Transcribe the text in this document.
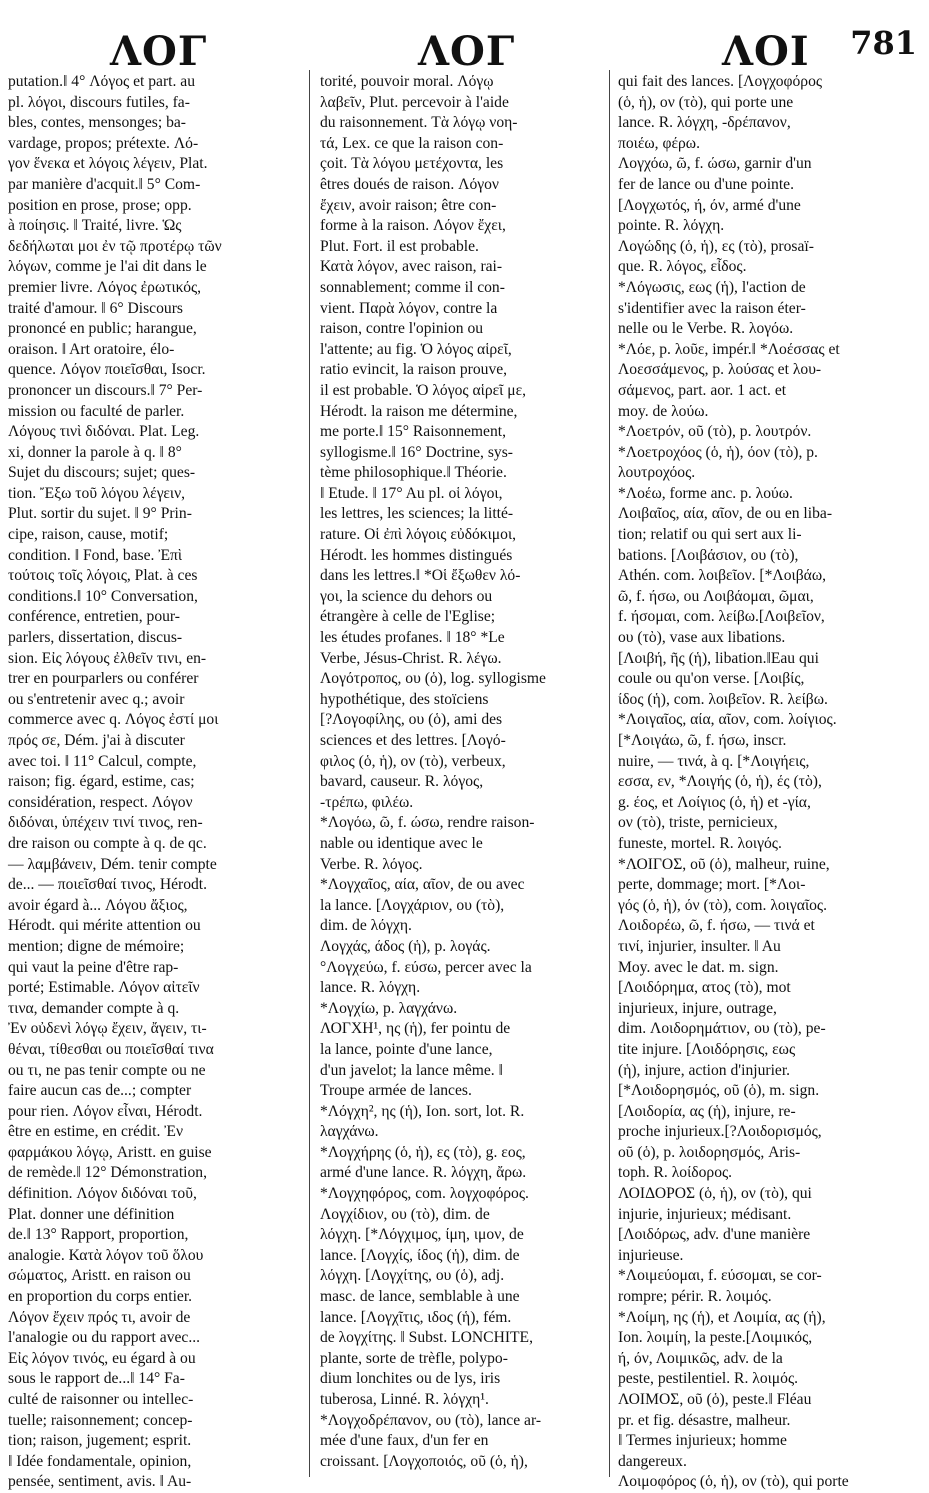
ΛΟΓ	ΛΟΓ	ΛΟΙ 781
putation.‖ 4° Λόγος et part. au
pl. λόγοι, discours futiles, fa-
bles, contes, mensonges; ba-
vardage, propos; prétexte. Λό-
γον ἕνεκα et λόγοις λέγειν, Plat.
par manière d'acquit.‖ 5° Com-
position en prose, prose; opp.
à ποίησις. ‖ Traité, livre. Ὡς
δεδήλωται μοι ἐν τῷ προτέρῳ τῶν
λόγων, comme je l'ai dit dans le
premier livre. Λόγος ἐρωτικός,
traité d'amour. ‖ 6° Discours
prononcé en public; harangue,
oraison. ‖ Art oratoire, élo-
quence. Λόγον ποιεῖσθαι, Isocr.
prononcer un discours.‖ 7° Per-
mission ou faculté de parler.
Λόγους τινὶ διδόναι. Plat. Leg.
xi, donner la parole à q. ‖ 8°
Sujet du discours; sujet; ques-
tion. Ἔξω τοῦ λόγου λέγειν,
Plut. sortir du sujet. ‖ 9° Prin-
cipe, raison, cause, motif;
condition. ‖ Fond, base. Ἐπὶ
τούτοις τοῖς λόγοις, Plat. à ces
conditions.‖ 10° Conversation,
conférence, entretien, pour-
parlers, dissertation, discus-
sion. Εἰς λόγους ἐλθεῖν τινι, en-
trer en pourparlers ou conférer
ou s'entretenir avec q.; avoir
commerce avec q. Λόγος ἐστί μοι
πρός σε, Dém. j'ai à discuter
avec toi. ‖ 11° Calcul, compte,
raison; fig. égard, estime, cas;
considération, respect. Λόγον
διδόναι, ὑπέχειν τινί τινος, ren-
dre raison ou compte à q. de qc.
— λαμβάνειν, Dém. tenir compte
de... — ποιεῖσθαί τινος, Hérodt.
avoir égard à... Λόγου ἄξιος,
Hérodt. qui mérite attention ou
mention; digne de mémoire;
qui vaut la peine d'être rap-
porté; Estimable. Λόγον αἰτεῖν
τινα, demander compte à q.
Ἐν οὐδενὶ λόγῳ ἔχειν, ἄγειν, τι-
θέναι, τίθεσθαι ou ποιεῖσθαί τινα
ou τι, ne pas tenir compte ou ne
faire aucun cas de...; compter
pour rien. Λόγον εἶναι, Hérodt.
être en estime, en crédit. Ἐν
φαρμάκου λόγῳ, Aristt. en guise
de remède.‖ 12° Démonstration,
définition. Λόγον διδόναι τοῦ,
Plat. donner une définition
de.‖ 13° Rapport, proportion,
analogie. Κατὰ λόγον τοῦ ὅλου
σώματος, Aristt. en raison ou
en proportion du corps entier.
Λόγον ἔχειν πρός τι, avoir de
l'analogie ou du rapport avec...
Εἰς λόγον τινός, eu égard à ou
sous le rapport de...‖ 14° Fa-
culté de raisonner ou intellec-
tuelle; raisonnement; concep-
tion; raison, jugement; esprit.
‖ Idée fondamentale, opinion,
pensée, sentiment, avis. ‖ Au-
torité, pouvoir moral. Λόγῳ
λαβεῖν, Plut. percevoir à l'aide
du raisonnement. Τὰ λόγῳ νοη-
τά, Lex. ce que la raison con-
çoit. Τὰ λόγου μετέχοντα, les
êtres doués de raison. Λόγον
ἔχειν, avoir raison; être con-
forme à la raison. Λόγον ἔχει,
Plut. Fort. il est probable.
Κατὰ λόγον, avec raison, rai-
sonnablement; comme il con-
vient. Παρὰ λόγον, contre la
raison, contre l'opinion ou
l'attente; au fig. Ὁ λόγος αἱρεῖ,
ratio evincit, la raison prouve,
il est probable. Ὁ λόγος αἱρεῖ με,
Hérodt. la raison me détermine,
me porte.‖ 15° Raisonnement,
syllogisme.‖ 16° Doctrine, sys-
tème philosophique.‖ Théorie.
‖ Etude. ‖ 17° Au pl. οἱ λόγοι,
les lettres, les sciences; la litté-
rature. Οἱ ἐπὶ λόγοις εὐδόκιμοι,
Hérodt. les hommes distingués
dans les lettres.‖ *Οἱ ἔξωθεν λό-
γοι, la science du dehors ou
étrangère à celle de l'Eglise;
les études profanes. ‖ 18° *Le
Verbe, Jésus-Christ. R. λέγω.
Λογότροπος, ου (ὁ), log. syllogisme
hypothétique, des stoïciens
[?Λογοφίλης, ου (ὁ), ami des
sciences et des lettres. [Λογό-
φιλος (ὁ, ἡ), ον (τὸ), verbeux,
bavard, causeur. R. λόγος,
-τρέπω, φιλέω.
*Λογόω, ῶ, f. ώσω, rendre raison-
nable ou identique avec le
Verbe. R. λόγος.
*Λογχαῖος, αία, αῖον, de ou avec
la lance. [Λογχάριον, ου (τὸ),
dim. de λόγχη.
Λογχάς, άδος (ἡ), p. λογάς.
°Λογχεύω, f. εύσω, percer avec la
lance. R. λόγχη.
*Λογχίω, p. λαγχάνω.
ΛΟΓΧΗ¹, ης (ἡ), fer pointu de
la lance, pointe d'une lance,
d'un javelot; la lance même. ‖
Troupe armée de lances.
*Λόγχη², ης (ἡ), Ion. sort, lot. R.
λαγχάνω.
*Λογχήρης (ὁ, ἡ), ες (τὸ), g. εος,
armé d'une lance. R. λόγχη, ἄρω.
*Λογχηφόρος, com. λογχοφόρος.
Λογχίδιον, ου (τὸ), dim. de
λόγχη. [*Λόγχιμος, ίμη, ιμον, de
lance. [Λογχίς, ίδος (ἡ), dim. de
λόγχη. [Λογχίτης, ου (ὁ), adj.
masc. de lance, semblable à une
lance. [Λογχῖτις, ιδος (ἡ), fém.
de λογχίτης. ‖ Subst. LONCHITE,
plante, sorte de trèfle, polypo-
dium lonchites ou de lys, iris
tuberosa, Linné. R. λόγχη¹.
*Λογχοδρέπανον, ου (τὸ), lance ar-
mée d'une faux, d'un fer en
croissant. [Λογχοποιός, οῦ (ὁ, ἡ),
qui fait des lances. [Λογχοφόρος
(ὁ, ἡ), ον (τὸ), qui porte une
lance. R. λόγχη, -δρέπανον,
ποιέω, φέρω.
Λογχόω, ῶ, f. ώσω, garnir d'un
fer de lance ou d'une pointe.
[Λογχωτός, ή, όν, armé d'une
pointe. R. λόγχη.
Λογώδης (ὁ, ἡ), ες (τὸ), prosaï-
que. R. λόγος, εἶδος.
*Λόγωσις, εως (ἡ), l'action de
s'identifier avec la raison éter-
nelle ou le Verbe. R. λογόω.
*Λόε, p. λοῦε, impér.‖ *Λοέσσας et
Λοεσσάμενος, p. λούσας et λου-
σάμενος, part. aor. 1 act. et
moy. de λούω.
*Λοετρόν, οῦ (τὸ), p. λουτρόν.
*Λοετροχόος (ὁ, ἡ), όον (τὸ), p.
λουτροχόος.
*Λοέω, forme anc. p. λούω.
Λοιβαῖος, αία, αῖον, de ou en liba-
tion; relatif ou qui sert aux li-
bations. [Λοιβάσιον, ου (τὸ),
Athén. com. λοιβεῖον. [*Λοιβάω,
ῶ, f. ήσω, ou Λοιβάομαι, ῶμαι,
f. ήσομαι, com. λείβω.[Λοιβεῖον,
ου (τὸ), vase aux libations.
[Λοιβή, ῆς (ἡ), libation.‖Eau qui
coule ou qu'on verse. [Λοιβίς,
ίδος (ἡ), com. λοιβεῖον. R. λείβω.
*Λοιγαῖος, αία, αῖον, com. λοίγιος.
[*Λοιγάω, ῶ, f. ήσω, inscr.
nuire, — τινά, à q. [*Λοιγήεις,
εσσα, εν, *Λοιγής (ὁ, ἡ), ές (τὸ),
g. έος, et Λοίγιος (ὁ, ἡ) et -γία,
ον (τὸ), triste, pernicieux,
funeste, mortel. R. λοιγός.
*ΛΟΙΓΟΣ, οῦ (ὁ), malheur, ruine,
perte, dommage; mort. [*Λοι-
γός (ὁ, ἡ), όν (τὸ), com. λοιγαῖος.
Λοιδορέω, ῶ, f. ήσω, — τινά et
τινί, injurier, insulter. ‖ Au
Moy. avec le dat. m. sign.
[Λοιδόρημα, ατος (τὸ), mot
injurieux, injure, outrage,
dim. Λοιδορημάτιον, ου (τὸ), pe-
tite injure. [Λοιδόρησις, εως
(ἡ), injure, action d'injurier.
[*Λοιδορησμός, οῦ (ὁ), m. sign.
[Λοιδορία, ας (ἡ), injure, re-
proche injurieux.[?Λοιδορισμός,
οῦ (ὁ), p. λοιδορησμός, Aris-
toph. R. λοίδορος.
ΛΟΙΔΟΡΟΣ (ὁ, ἡ), ον (τὸ), qui
injurie, injurieux; médisant.
[Λοιδόρως, adv. d'une manière
injurieuse.
*Λοιμεύομαι, f. εύσομαι, se cor-
rompre; périr. R. λοιμός.
*Λοίμη, ης (ἡ), et Λοιμία, ας (ἡ),
Ion. λοιμίη, la peste.[Λοιμικός,
ή, όν, Λοιμικῶς, adv. de la
peste, pestilentiel. R. λοιμός.
ΛΟΙΜΟΣ, οῦ (ὁ), peste.‖ Fléau
pr. et fig. désastre, malheur.
‖ Termes injurieux; homme
dangereux.
Λοιμοφόρος (ὁ, ἡ), ον (τὸ), qui porte
